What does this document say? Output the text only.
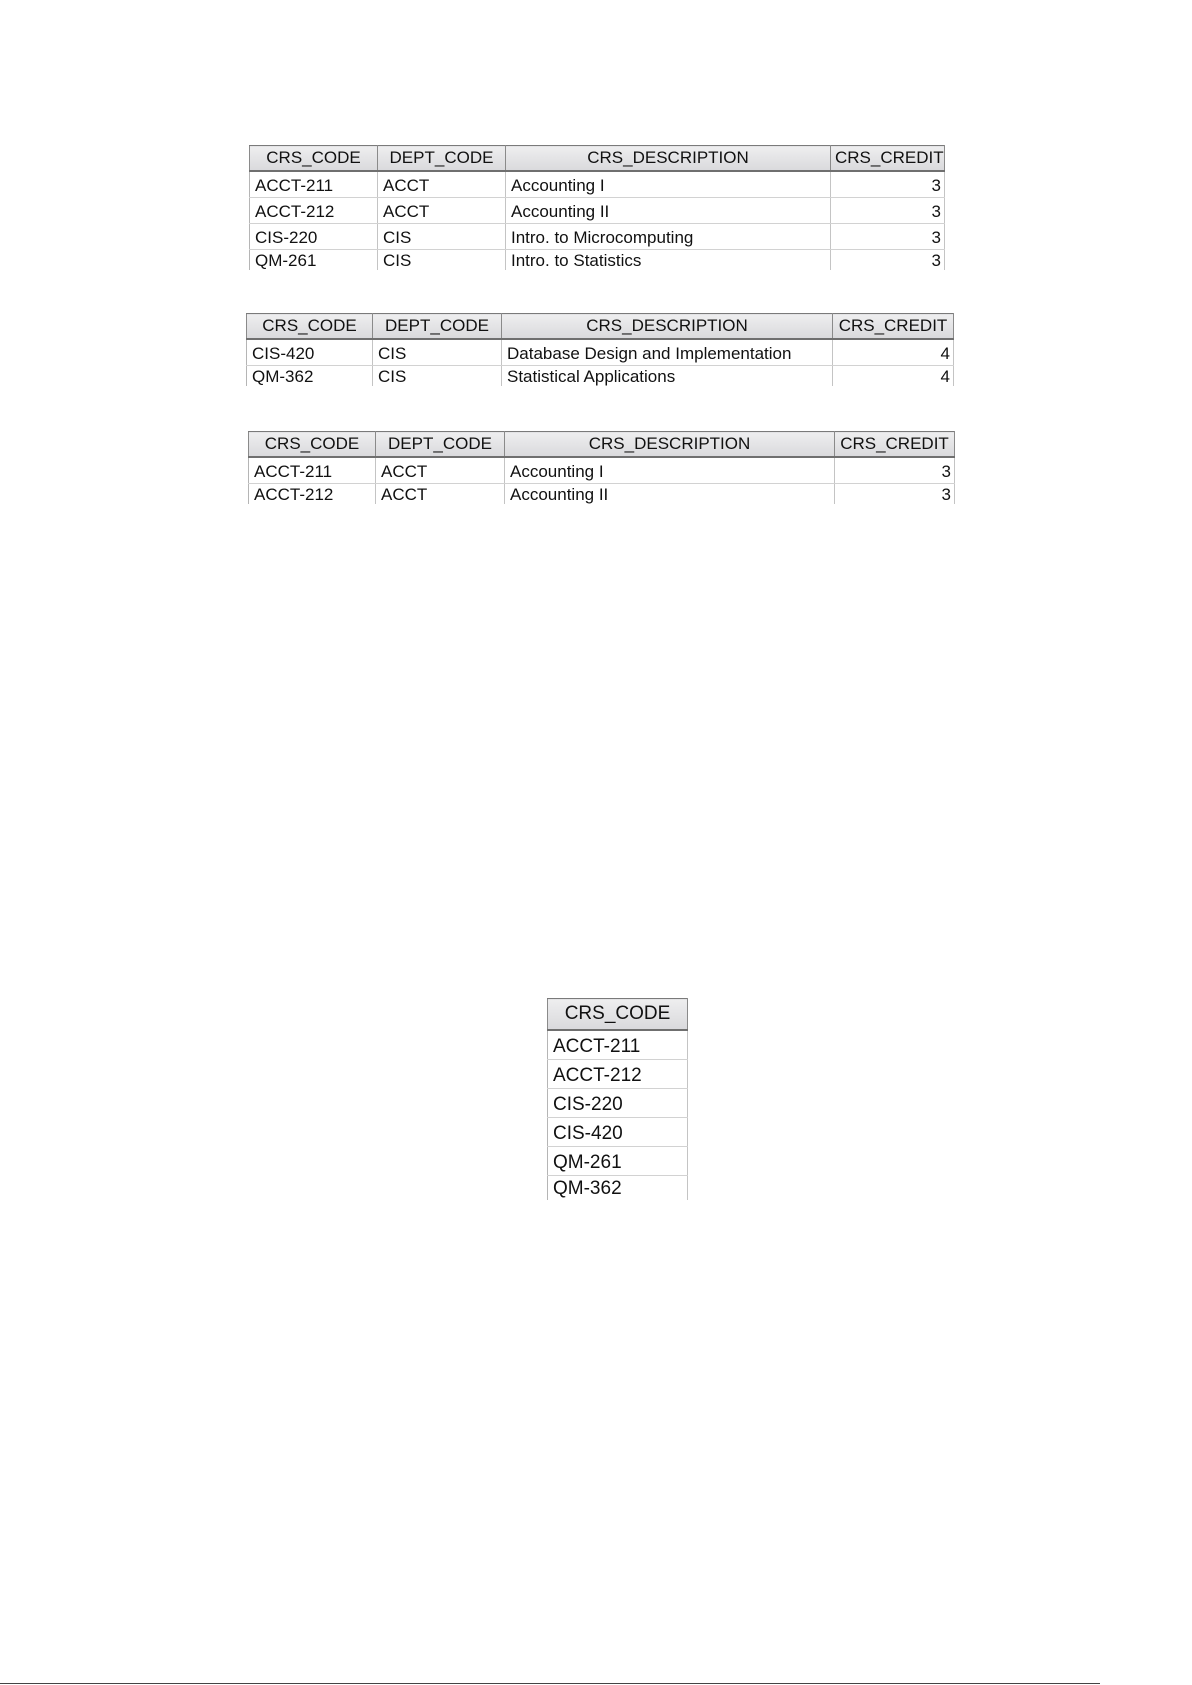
CRS_CODE	DEPT_CODE	CRS_DESCRIPTION	CRS_CREDIT
ACCT-211	ACCT	Accounting I	3
ACCT-212	ACCT	Accounting II	3
CIS-220	CIS	Intro. to Microcomputing	3
QM-261	CIS	Intro. to Statistics	3
CRS_CODE	DEPT_CODE	CRS_DESCRIPTION	CRS_CREDIT
CIS-420	CIS	Database Design and Implementation	4
QM-362	CIS	Statistical Applications	4
CRS_CODE	DEPT_CODE	CRS_DESCRIPTION	CRS_CREDIT
ACCT-211	ACCT	Accounting I	3
ACCT-212	ACCT	Accounting II	3
CRS_CODE
ACCT-211
ACCT-212
CIS-220
CIS-420
QM-261
QM-362
